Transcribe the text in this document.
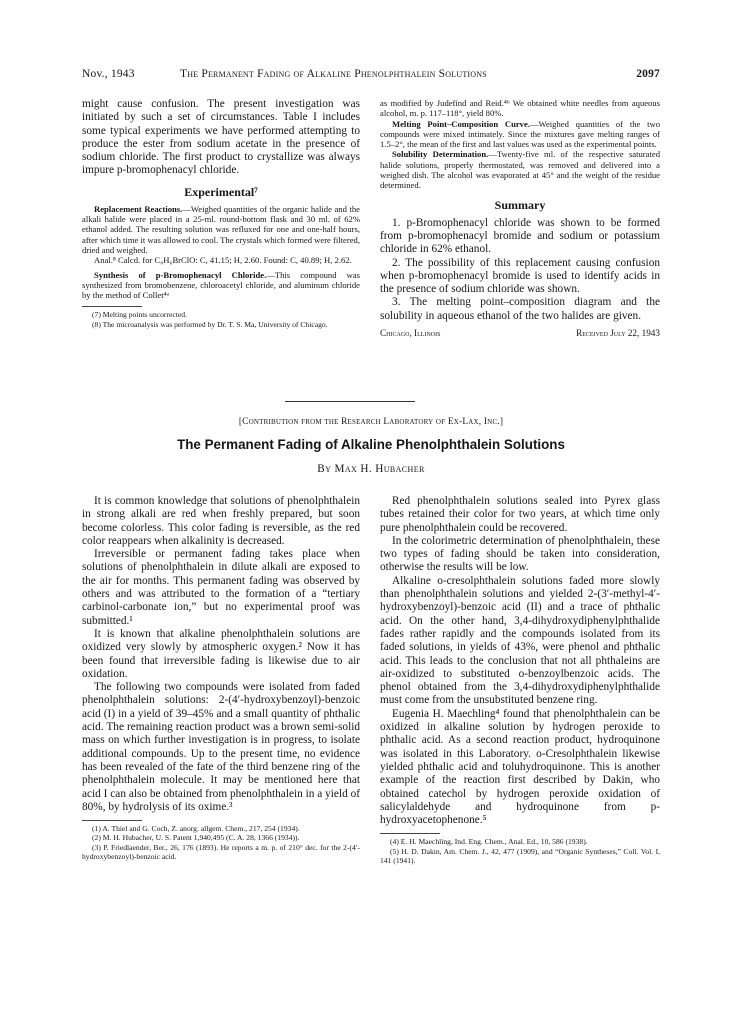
Nov., 1943	The Permanent Fading of Alkaline Phenolphthalein Solutions	2097

might cause confusion. The present investigation was initiated by such a set of circumstances. Table I includes some typical experiments we have performed attempting to produce the ester from sodium acetate in the presence of sodium chloride. The first product to crystallize was always impure p-bromophenacyl chloride.

Experimental⁷

Replacement Reactions.—Weighed quantities of the organic halide and the alkali halide were placed in a 25-ml. round-bottom flask and 30 ml. of 62% ethanol added. The resulting solution was refluxed for one and one-half hours, after which time it was allowed to cool. The crystals which formed were filtered, dried and weighed.

Anal.⁸ Calcd. for C₈H₆BrClO: C, 41.15; H, 2.60. Found: C, 40.89; H, 2.62.

Synthesis of p-Bromophenacyl Chloride.—This compound was synthesized from bromobenzene, chloroacetyl chloride, and aluminum chloride by the method of Collet⁴ᵃ

(7) Melting points uncorrected.

(8) The microanalysis was performed by Dr. T. S. Ma, University of Chicago.

as modified by Judefind and Reid.⁴ᵇ We obtained white needles from aqueous alcohol, m. p. 117–118°, yield 80%.

Melting Point–Composition Curve.—Weighed quantities of the two compounds were mixed intimately. Since the mixtures gave melting ranges of 1.5–2°, the mean of the first and last values was used as the experimental points.

Solubility Determination.—Twenty-five ml. of the respective saturated halide solutions, properly thermostated, was removed and delivered into a weighed dish. The alcohol was evaporated at 45° and the weight of the residue determined.

Summary

1. p-Bromophenacyl chloride was shown to be formed from p-bromophenacyl bromide and sodium or potassium chloride in 62% ethanol.

2. The possibility of this replacement causing confusion when p-bromophenacyl bromide is used to identify acids in the presence of sodium chloride was shown.

3. The melting point–composition diagram and the solubility in aqueous ethanol of the two halides are given.

Chicago, Illinois	Received July 22, 1943
[Contribution from the Research Laboratory of Ex-Lax, Inc.]
The Permanent Fading of Alkaline Phenolphthalein Solutions
By Max H. Hubacher

It is common knowledge that solutions of phenolphthalein in strong alkali are red when freshly prepared, but soon become colorless. This color fading is reversible, as the red color reappears when alkalinity is decreased.

Irreversible or permanent fading takes place when solutions of phenolphthalein in dilute alkali are exposed to the air for months. This permanent fading was observed by others and was attributed to the formation of a “tertiary carbinol-carbonate ion,” but no experimental proof was submitted.¹

It is known that alkaline phenolphthalein solutions are oxidized very slowly by atmospheric oxygen.² Now it has been found that irreversible fading is likewise due to air oxidation.

The following two compounds were isolated from faded phenolphthalein solutions: 2-(4′-hydroxybenzoyl)-benzoic acid (I) in a yield of 39–45% and a small quantity of phthalic acid. The remaining reaction product was a brown semi-solid mass on which further investigation is in progress, to isolate additional compounds. Up to the present time, no evidence has been revealed of the fate of the third benzene ring of the phenolphthalein molecule. It may be mentioned here that acid I can also be obtained from phenolphthalein in a yield of 80%, by hydrolysis of its oxime.³

(1) A. Thiel and G. Coch, Z. anorg. allgem. Chem., 217, 254 (1934).

(2) M. H. Hubacher, U. S. Patent 1,940,495 (C. A. 28, 1366 (1934)).

(3) P. Friedlaender, Ber., 26, 176 (1893). He reports a m. p. of 210° dec. for the 2-(4′-hydroxybenzoyl)-benzoic acid.

Red phenolphthalein solutions sealed into Pyrex glass tubes retained their color for two years, at which time only pure phenolphthalein could be recovered.

In the colorimetric determination of phenolphthalein, these two types of fading should be taken into consideration, otherwise the results will be low.

Alkaline o-cresolphthalein solutions faded more slowly than phenolphthalein solutions and yielded 2-(3′-methyl-4′-hydroxybenzoyl)-benzoic acid (II) and a trace of phthalic acid. On the other hand, 3,4-dihydroxydiphenylphthalide fades rather rapidly and the compounds isolated from its faded solutions, in yields of 43%, were phenol and phthalic acid. This leads to the conclusion that not all phthaleins are air-oxidized to substituted o-benzoylbenzoic acids. The phenol obtained from the 3,4-dihydroxydiphenylphthalide must come from the unsubstituted benzene ring.

Eugenia H. Maechling⁴ found that phenolphthalein can be oxidized in alkaline solution by hydrogen peroxide to phthalic acid. As a second reaction product, hydroquinone was isolated in this Laboratory. o-Cresolphthalein likewise yielded phthalic acid and toluhydroquinone. This is another example of the reaction first described by Dakin, who obtained catechol by hydrogen peroxide oxidation of salicylaldehyde and hydroquinone from p-hydroxyacetophenone.⁵

(4) E. H. Maechling, Ind. Eng. Chem., Anal. Ed., 10, 586 (1938).

(5) H. D. Dakin, Am. Chem. J., 42, 477 (1909), and “Organic Syntheses,” Coll. Vol. I, 141 (1941).
